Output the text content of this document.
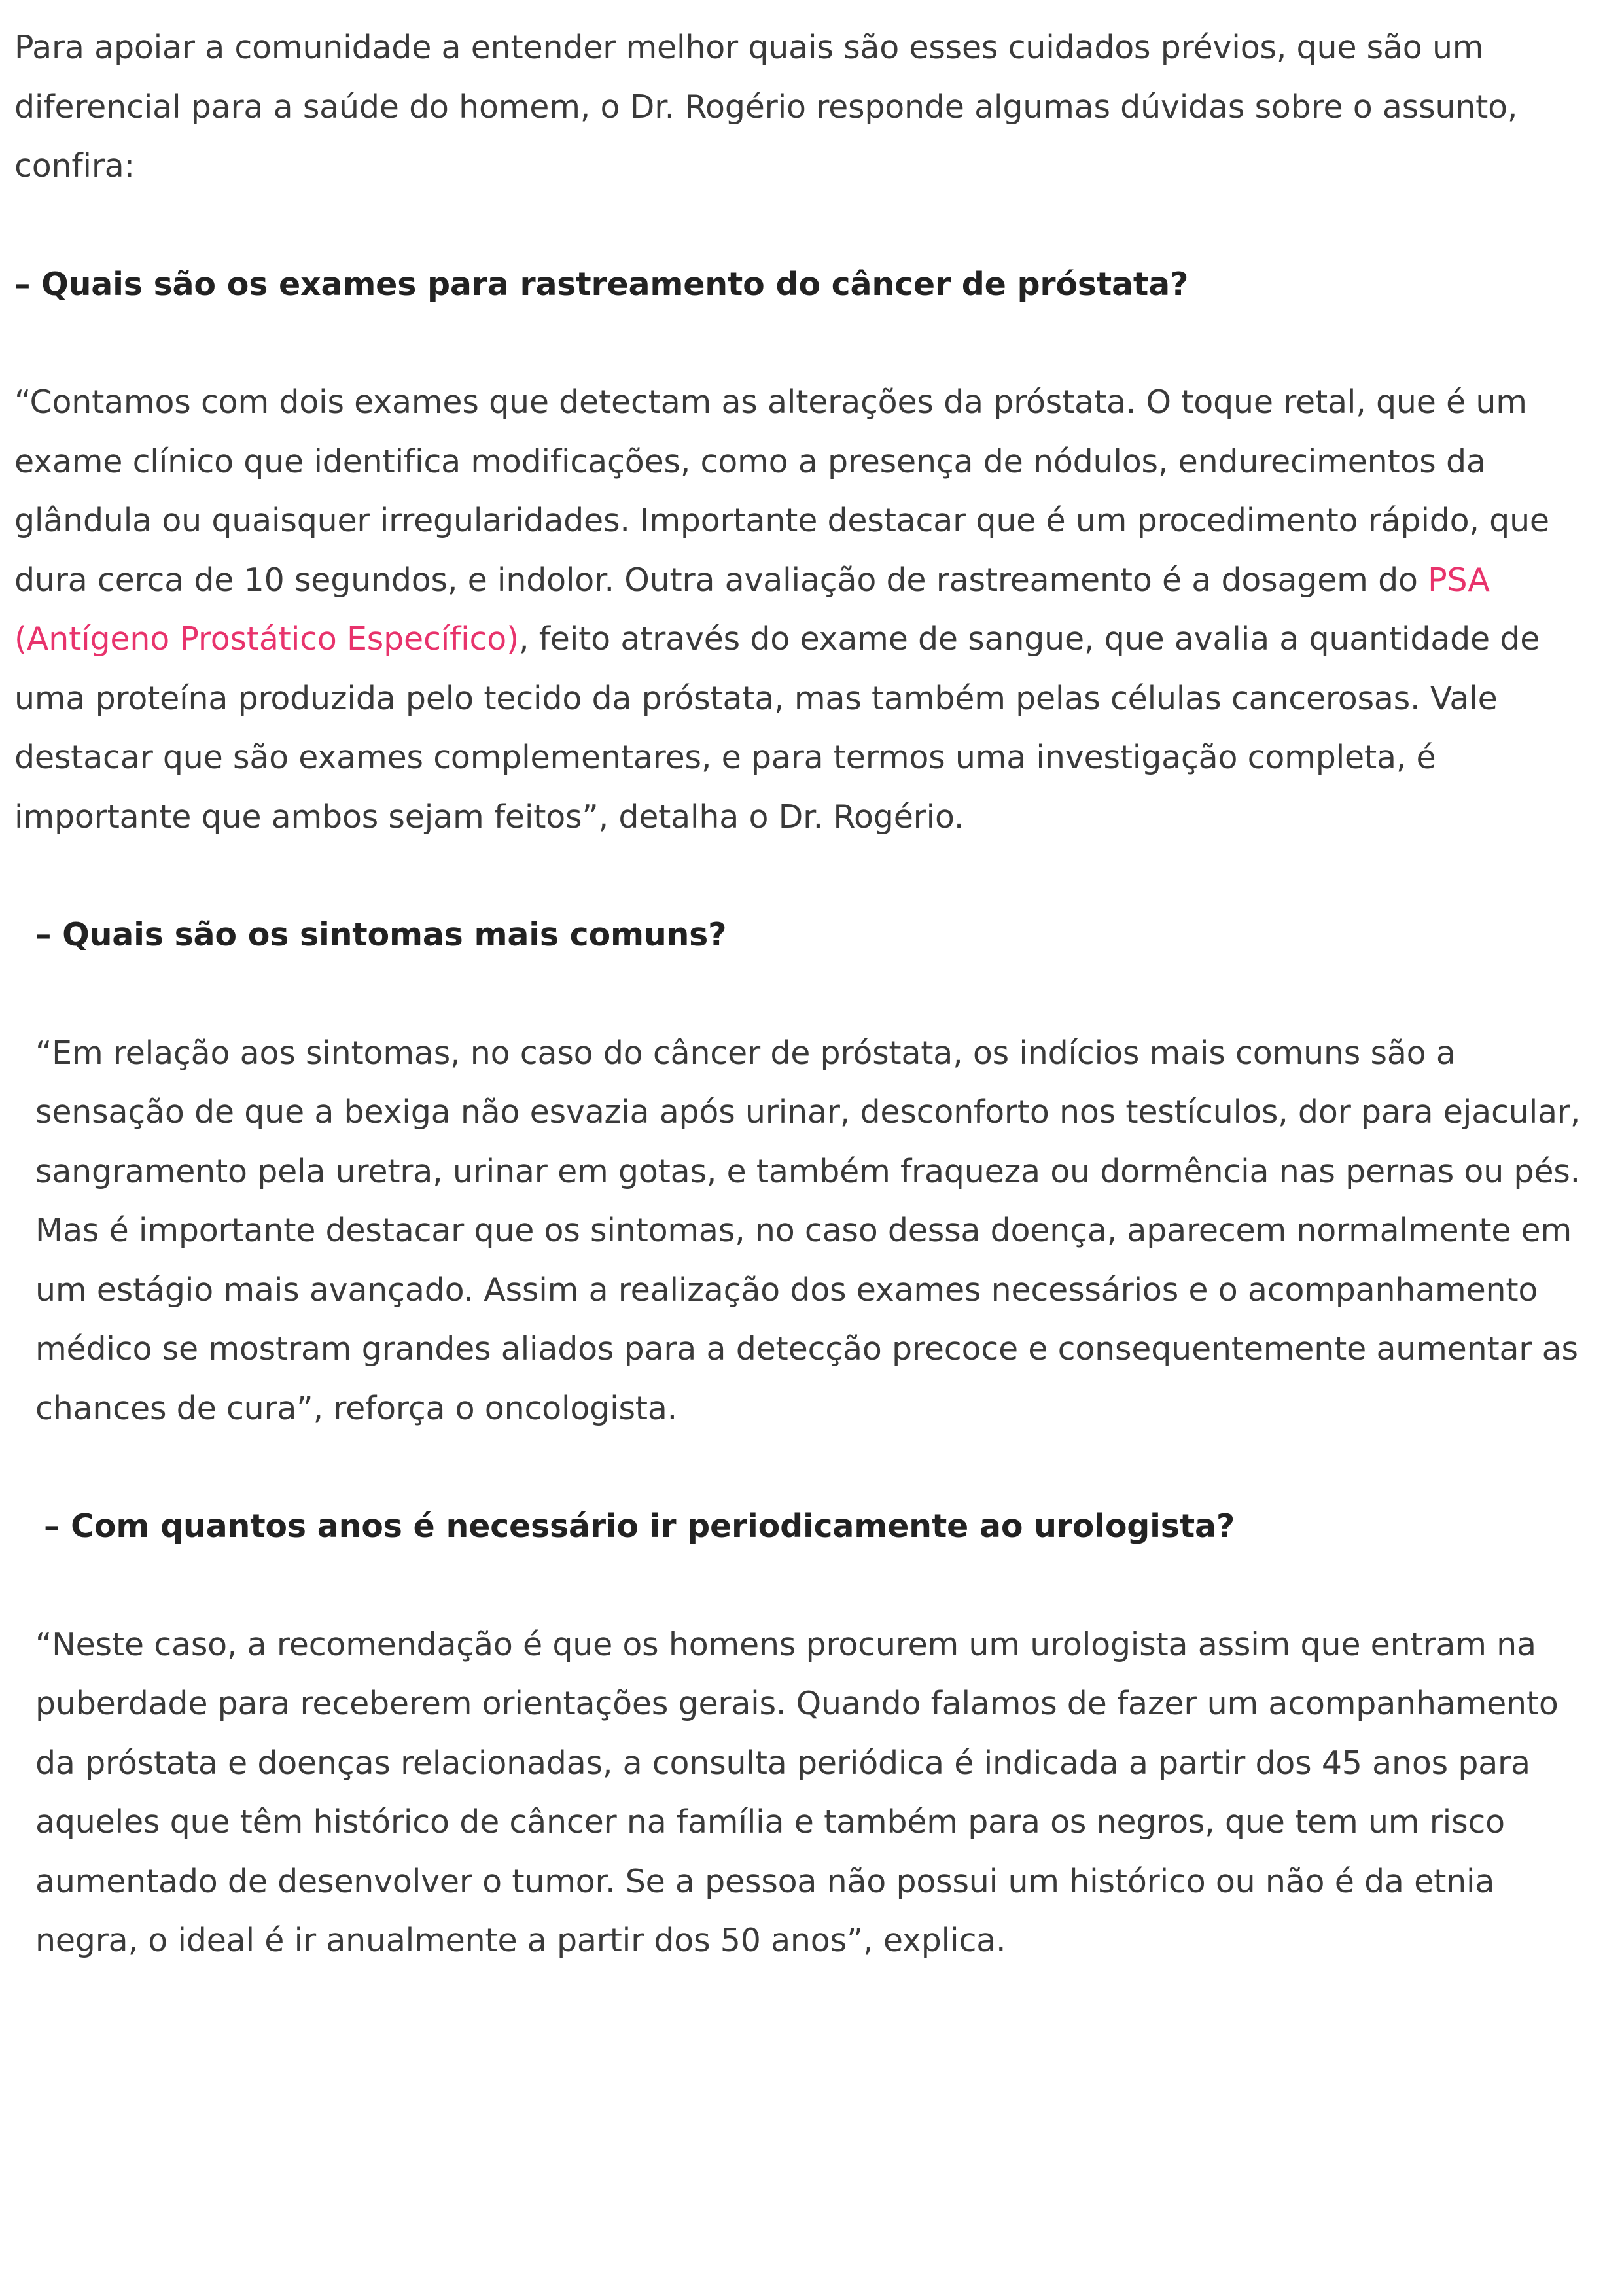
Para apoiar a comunidade a entender melhor quais são esses cuidados prévios, que são um diferencial para a saúde do homem, o Dr. Rogério responde algumas dúvidas sobre o assunto, confira:

– Quais são os exames para rastreamento do câncer de próstata?

“Contamos com dois exames que detectam as alterações da próstata. O toque retal, que é um exame clínico que identifica modificações, como a presença de nódulos, endurecimentos da glândula ou quaisquer irregularidades. Importante destacar que é um procedimento rápido, que dura cerca de 10 segundos, e indolor. Outra avaliação de rastreamento é a dosagem do PSA (Antígeno Prostático Específico), feito através do exame de sangue, que avalia a quantidade de uma proteína produzida pelo tecido da próstata, mas também pelas células cancerosas. Vale destacar que são exames complementares, e para termos uma investigação completa, é importante que ambos sejam feitos”, detalha o Dr. Rogério.

– Quais são os sintomas mais comuns?

“Em relação aos sintomas, no caso do câncer de próstata, os indícios mais comuns são a sensação de que a bexiga não esvazia após urinar, desconforto nos testículos, dor para ejacular, sangramento pela uretra, urinar em gotas, e também fraqueza ou dormência nas pernas ou pés. Mas é importante destacar que os sintomas, no caso dessa doença, aparecem normalmente em um estágio mais avançado. Assim a realização dos exames necessários e o acompanhamento médico se mostram grandes aliados para a detecção precoce e consequentemente aumentar as chances de cura”, reforça o oncologista.

– Com quantos anos é necessário ir periodicamente ao urologista?

“Neste caso, a recomendação é que os homens procurem um urologista assim que entram na puberdade para receberem orientações gerais. Quando falamos de fazer um acompanhamento da próstata e doenças relacionadas, a consulta periódica é indicada a partir dos 45 anos para aqueles que têm histórico de câncer na família e também para os negros, que tem um risco aumentado de desenvolver o tumor. Se a pessoa não possui um histórico ou não é da etnia negra, o ideal é ir anualmente a partir dos 50 anos”, explica.
